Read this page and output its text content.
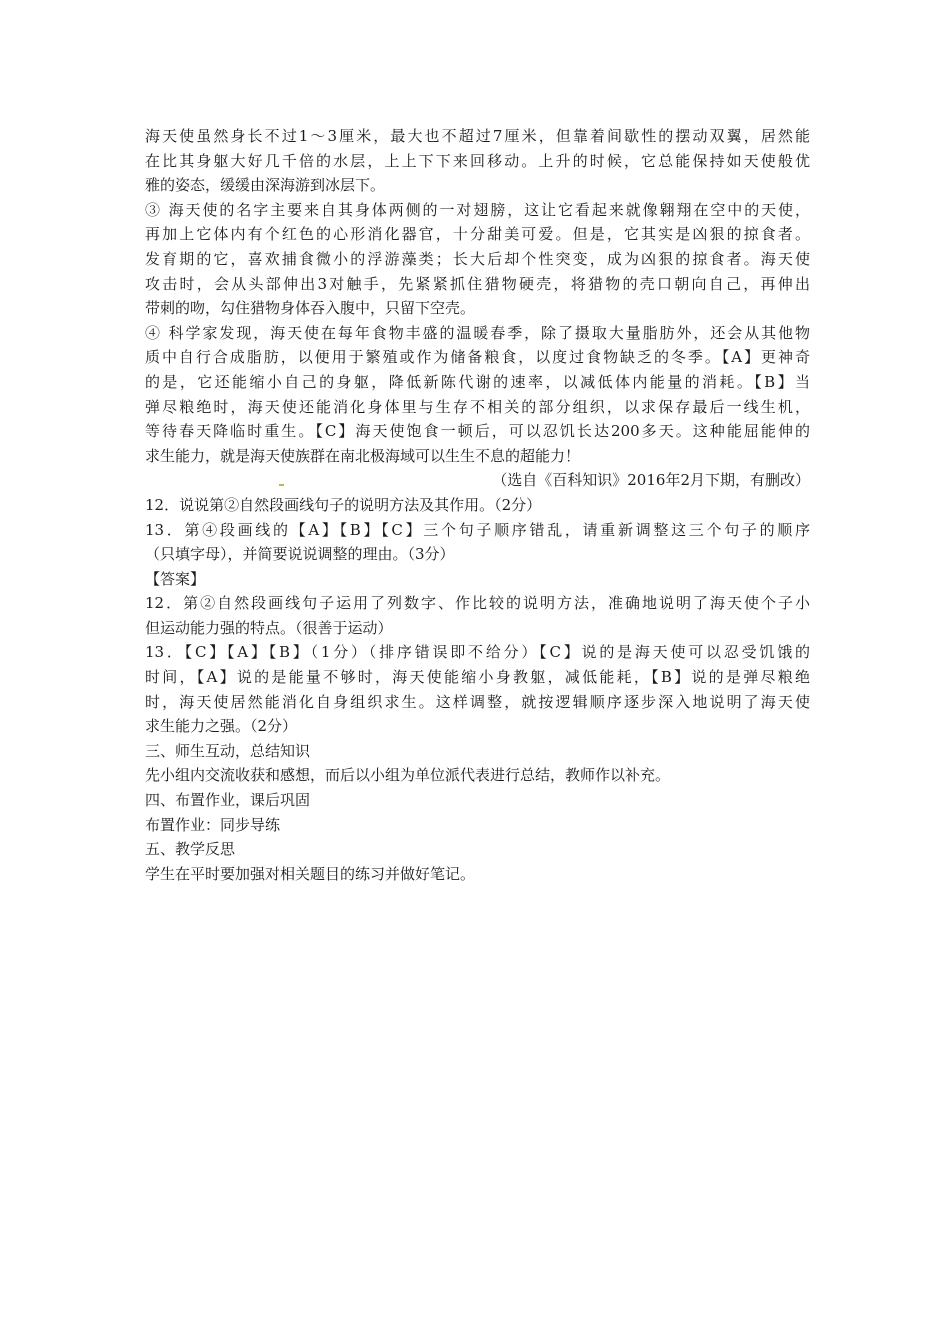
海天使虽然身长不过1～3厘米，最大也不超过7厘米，但靠着间歇性的摆动双翼，居然能
在比其身躯大好几千倍的水层，上上下下来回移动。上升的时候，它总能保持如天使般优
雅的姿态，缓缓由深海游到冰层下。
③ 海天使的名字主要来自其身体两侧的一对翅膀，这让它看起来就像翱翔在空中的天使，
再加上它体内有个红色的心形消化器官，十分甜美可爱。但是，它其实是凶狠的掠食者。
发育期的它，喜欢捕食微小的浮游藻类；长大后却个性突变，成为凶狠的掠食者。海天使
攻击时，会从头部伸出3对触手，先紧紧抓住猎物硬壳，将猎物的壳口朝向自己，再伸出
带刺的吻，勾住猎物身体吞入腹中，只留下空壳。
④ 科学家发现，海天使在每年食物丰盛的温暖春季，除了摄取大量脂肪外，还会从其他物
质中自行合成脂肪，以便用于繁殖或作为储备粮食，以度过食物缺乏的冬季。【A】更神奇
的是，它还能缩小自己的身躯，降低新陈代谢的速率，以减低体内能量的消耗。【B】当
弹尽粮绝时，海天使还能消化身体里与生存不相关的部分组织，以求保存最后一线生机，
等待春天降临时重生。【C】海天使饱食一顿后，可以忍饥长达200多天。这种能屈能伸的
求生能力，就是海天使族群在南北极海域可以生生不息的超能力！
（选自《百科知识》2016年2月下期，有删改）
12．说说第②自然段画线句子的说明方法及其作用。（2分）
13．第④段画线的【A】【B】【C】三个句子顺序错乱，请重新调整这三个句子的顺序
（只填字母），并简要说说调整的理由。（3分）
【答案】
12．第②自然段画线句子运用了列数字、作比较的说明方法，准确地说明了海天使个子小
但运动能力强的特点。（很善于运动）
13．【C】【A】【B】（1分）（排序错误即不给分）【C】说的是海天使可以忍受饥饿的
时间，【A】说的是能量不够时，海天使能缩小身教躯，减低能耗，【B】说的是弹尽粮绝
时，海天使居然能消化自身组织求生。这样调整，就按逻辑顺序逐步深入地说明了海天使
求生能力之强。（2分）
三、师生互动，总结知识
先小组内交流收获和感想，而后以小组为单位派代表进行总结，教师作以补充。
四、布置作业，课后巩固
布置作业：同步导练
五、教学反思
学生在平时要加强对相关题目的练习并做好笔记。
